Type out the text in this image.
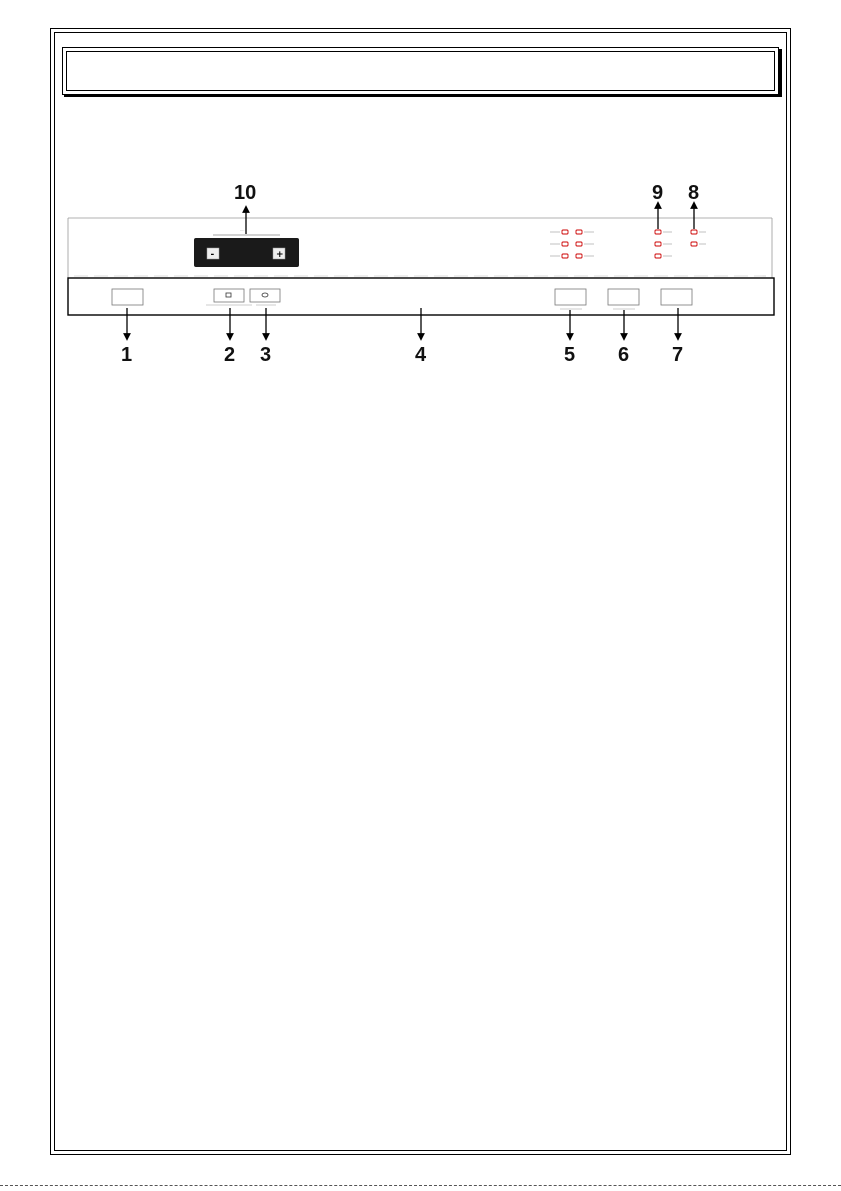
····
-	+
1	2 3	4	5 6 7
8
9
10
